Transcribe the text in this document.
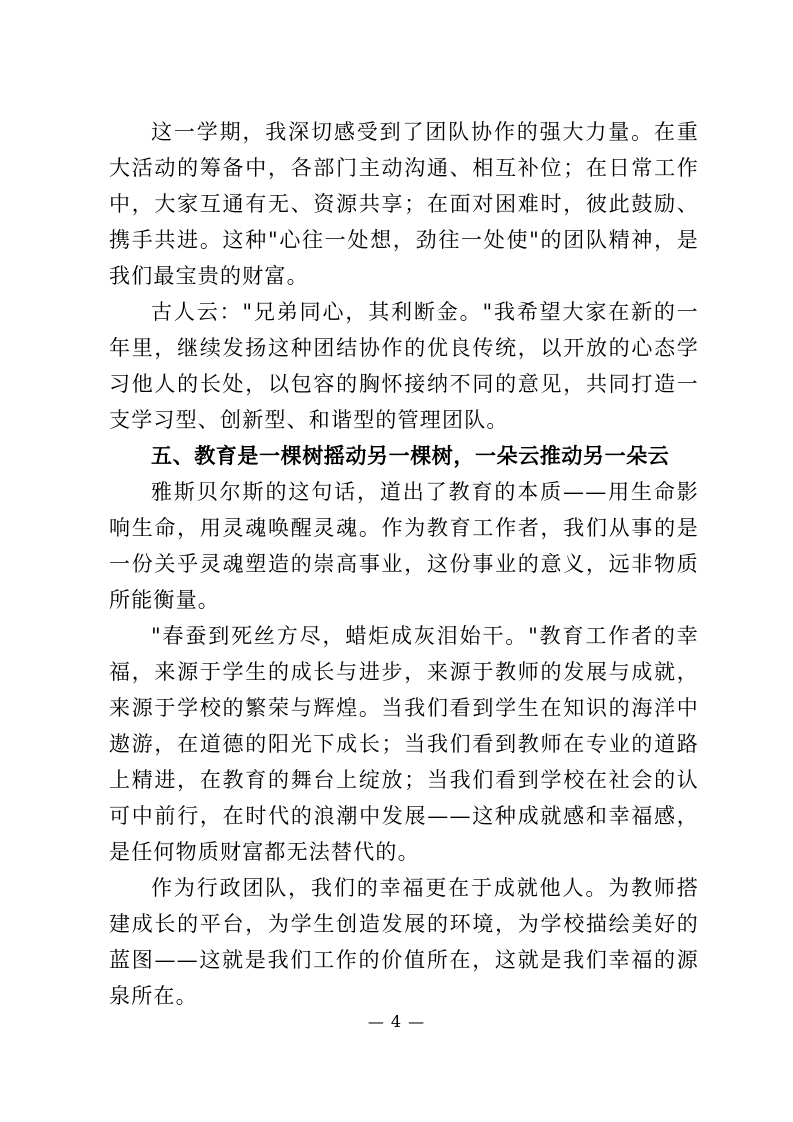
这一学期，我深切感受到了团队协作的强大力量。在重大活动的筹备中，各部门主动沟通、相互补位；在日常工作中，大家互通有无、资源共享；在面对困难时，彼此鼓励、携手共进。这种"心往一处想，劲往一处使"的团队精神，是我们最宝贵的财富。

古人云："兄弟同心，其利断金。"我希望大家在新的一年里，继续发扬这种团结协作的优良传统，以开放的心态学习他人的长处，以包容的胸怀接纳不同的意见，共同打造一支学习型、创新型、和谐型的管理团队。

五、教育是一棵树摇动另一棵树，一朵云推动另一朵云

雅斯贝尔斯的这句话，道出了教育的本质——用生命影响生命，用灵魂唤醒灵魂。作为教育工作者，我们从事的是一份关乎灵魂塑造的崇高事业，这份事业的意义，远非物质所能衡量。

"春蚕到死丝方尽，蜡炬成灰泪始干。"教育工作者的幸福，来源于学生的成长与进步，来源于教师的发展与成就，来源于学校的繁荣与辉煌。当我们看到学生在知识的海洋中遨游，在道德的阳光下成长；当我们看到教师在专业的道路上精进，在教育的舞台上绽放；当我们看到学校在社会的认可中前行，在时代的浪潮中发展——这种成就感和幸福感，是任何物质财富都无法替代的。

作为行政团队，我们的幸福更在于成就他人。为教师搭建成长的平台，为学生创造发展的环境，为学校描绘美好的蓝图——这就是我们工作的价值所在，这就是我们幸福的源泉所在。

— 4 —
